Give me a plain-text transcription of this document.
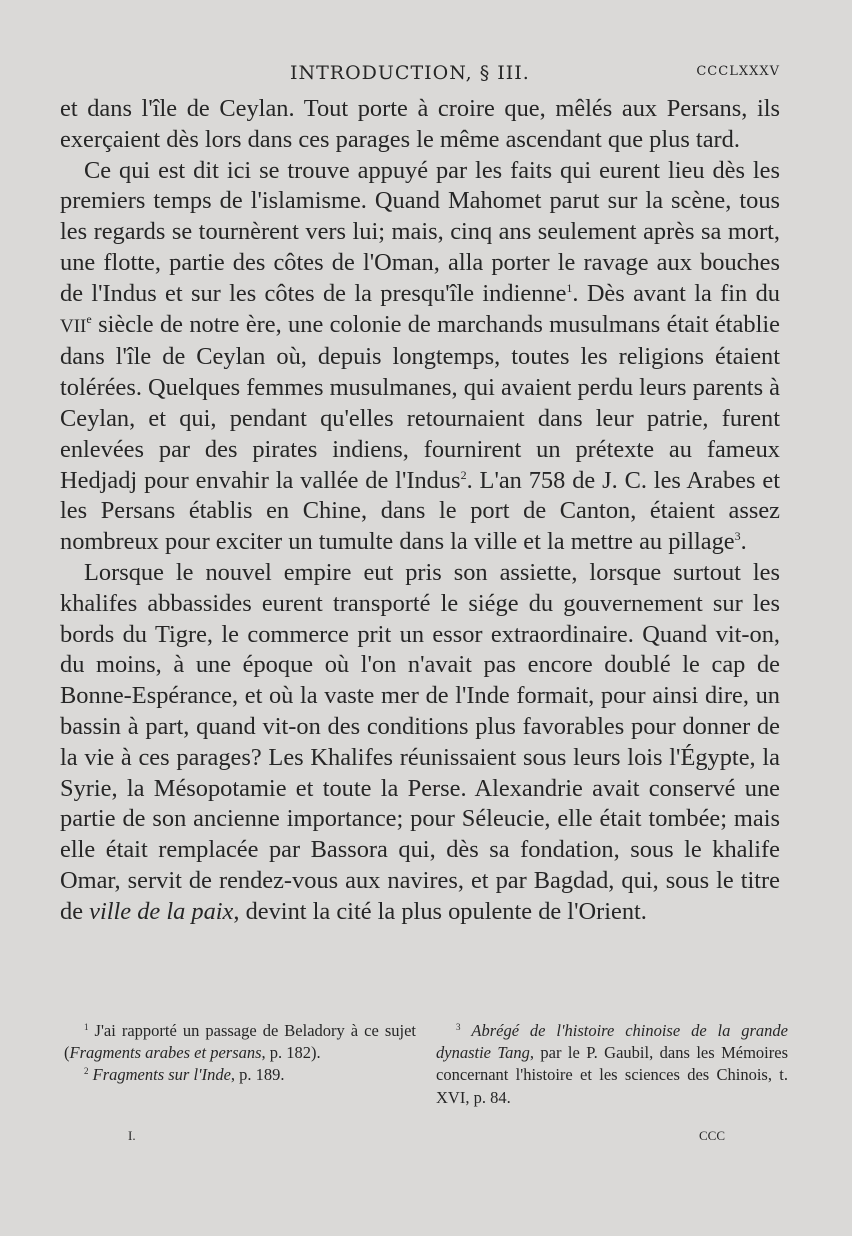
INTRODUCTION, § III.	CCCLXXXV

et dans l'île de Ceylan. Tout porte à croire que, mêlés aux Persans, ils exerçaient dès lors dans ces parages le même ascendant que plus tard.

Ce qui est dit ici se trouve appuyé par les faits qui eurent lieu dès les premiers temps de l'islamisme. Quand Mahomet parut sur la scène, tous les regards se tournèrent vers lui; mais, cinq ans seulement après sa mort, une flotte, partie des côtes de l'Oman, alla porter le ravage aux bouches de l'Indus et sur les côtes de la presqu'île indienne$^1$. Dès avant la fin du VIIe siècle de notre ère, une colonie de marchands musulmans était établie dans l'île de Ceylan où, depuis longtemps, toutes les religions étaient tolérées. Quelques femmes musulmanes, qui avaient perdu leurs parents à Ceylan, et qui, pendant qu'elles retournaient dans leur patrie, furent enlevées par des pirates indiens, fournirent un prétexte au fameux Hedjadj pour envahir la vallée de l'Indus$^2$. L'an 758 de J. C. les Arabes et les Persans établis en Chine, dans le port de Canton, étaient assez nombreux pour exciter un tumulte dans la ville et la mettre au pillage$^3$.

Lorsque le nouvel empire eut pris son assiette, lorsque surtout les khalifes abbassides eurent transporté le siége du gouvernement sur les bords du Tigre, le commerce prit un essor extraordinaire. Quand vit-on, du moins, à une époque où l'on n'avait pas encore doublé le cap de Bonne-Espérance, et où la vaste mer de l'Inde formait, pour ainsi dire, un bassin à part, quand vit-on des conditions plus favorables pour donner de la vie à ces parages? Les Khalifes réunissaient sous leurs lois l'Égypte, la Syrie, la Mésopotamie et toute la Perse. Alexandrie avait conservé une partie de son ancienne importance; pour Séleucie, elle était tombée; mais elle était remplacée par Bassora qui, dès sa fondation, sous le khalife Omar, servit de rendez-vous aux navires, et par Bagdad, qui, sous le titre de ville de la paix, devint la cité la plus opulente de l'Orient.

$^1$ J'ai rapporté un passage de Beladory à ce sujet (Fragments arabes et persans, p. 182).

$^2$ Fragments sur l'Inde, p. 189.

$^3$ Abrégé de l'histoire chinoise de la grande dynastie Tang, par le P. Gaubil, dans les Mémoires concernant l'histoire et les sciences des Chinois, t. XVI, p. 84.

I.	CCC
